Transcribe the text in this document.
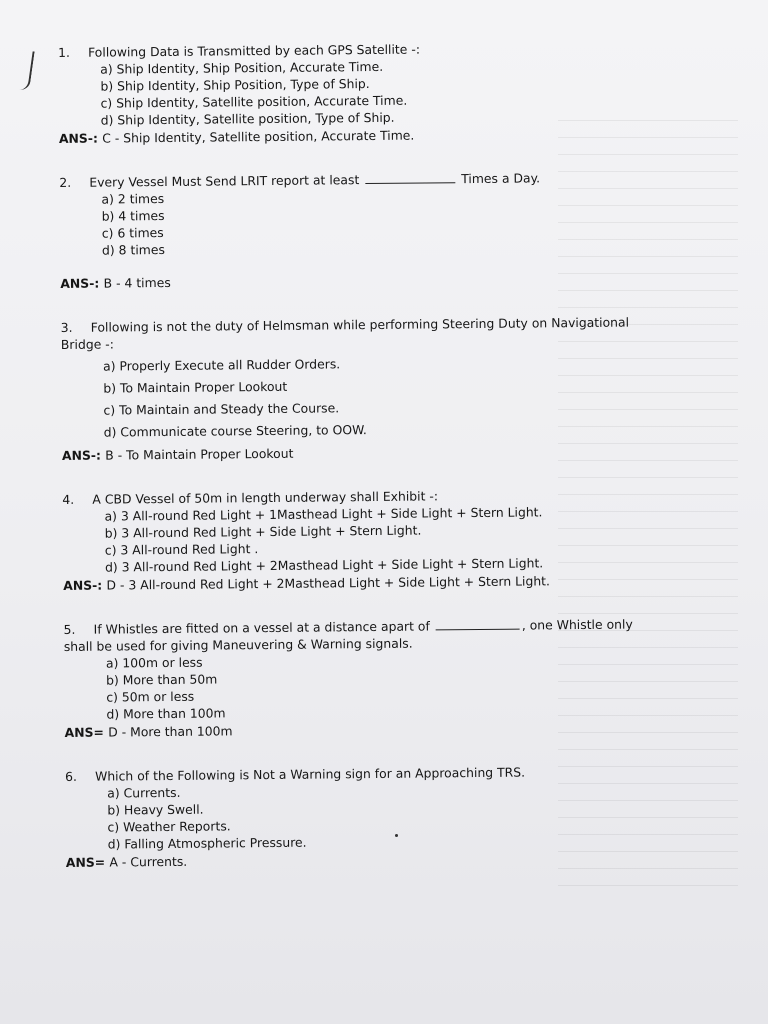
1.	Following Data is Transmitted by each GPS Satellite -:
a) Ship Identity, Ship Position, Accurate Time.
b) Ship Identity, Ship Position, Type of Ship.
c) Ship Identity, Satellite position, Accurate Time.
d) Ship Identity, Satellite position, Type of Ship.
ANS-: C - Ship Identity, Satellite position, Accurate Time.
2.	Every Vessel Must Send LRIT report at least	Times a Day.
a) 2 times
b) 4 times
c) 6 times
d) 8 times
ANS-: B - 4 times
3.	Following is not the duty of Helmsman while performing Steering Duty on Navigational
Bridge -:
a) Properly Execute all Rudder Orders.
b) To Maintain Proper Lookout
c) To Maintain and Steady the Course.
d) Communicate course Steering, to OOW.
ANS-: B - To Maintain Proper Lookout
4.	A CBD Vessel of 50m in length underway shall Exhibit -:
a) 3 All-round Red Light + 1Masthead Light + Side Light + Stern Light.
b) 3 All-round Red Light + Side Light + Stern Light.
c) 3 All-round Red Light .
d) 3 All-round Red Light + 2Masthead Light + Side Light + Stern Light.
ANS-: D - 3 All-round Red Light + 2Masthead Light + Side Light + Stern Light.
5.	If Whistles are fitted on a vessel at a distance apart of	, one Whistle only
shall be used for giving Maneuvering & Warning signals.
a) 100m or less
b) More than 50m
c) 50m or less
d) More than 100m
ANS= D - More than 100m
6.	Which of the Following is Not a Warning sign for an Approaching TRS.
a) Currents.
b) Heavy Swell.
c) Weather Reports.
d) Falling Atmospheric Pressure.
ANS= A - Currents.
